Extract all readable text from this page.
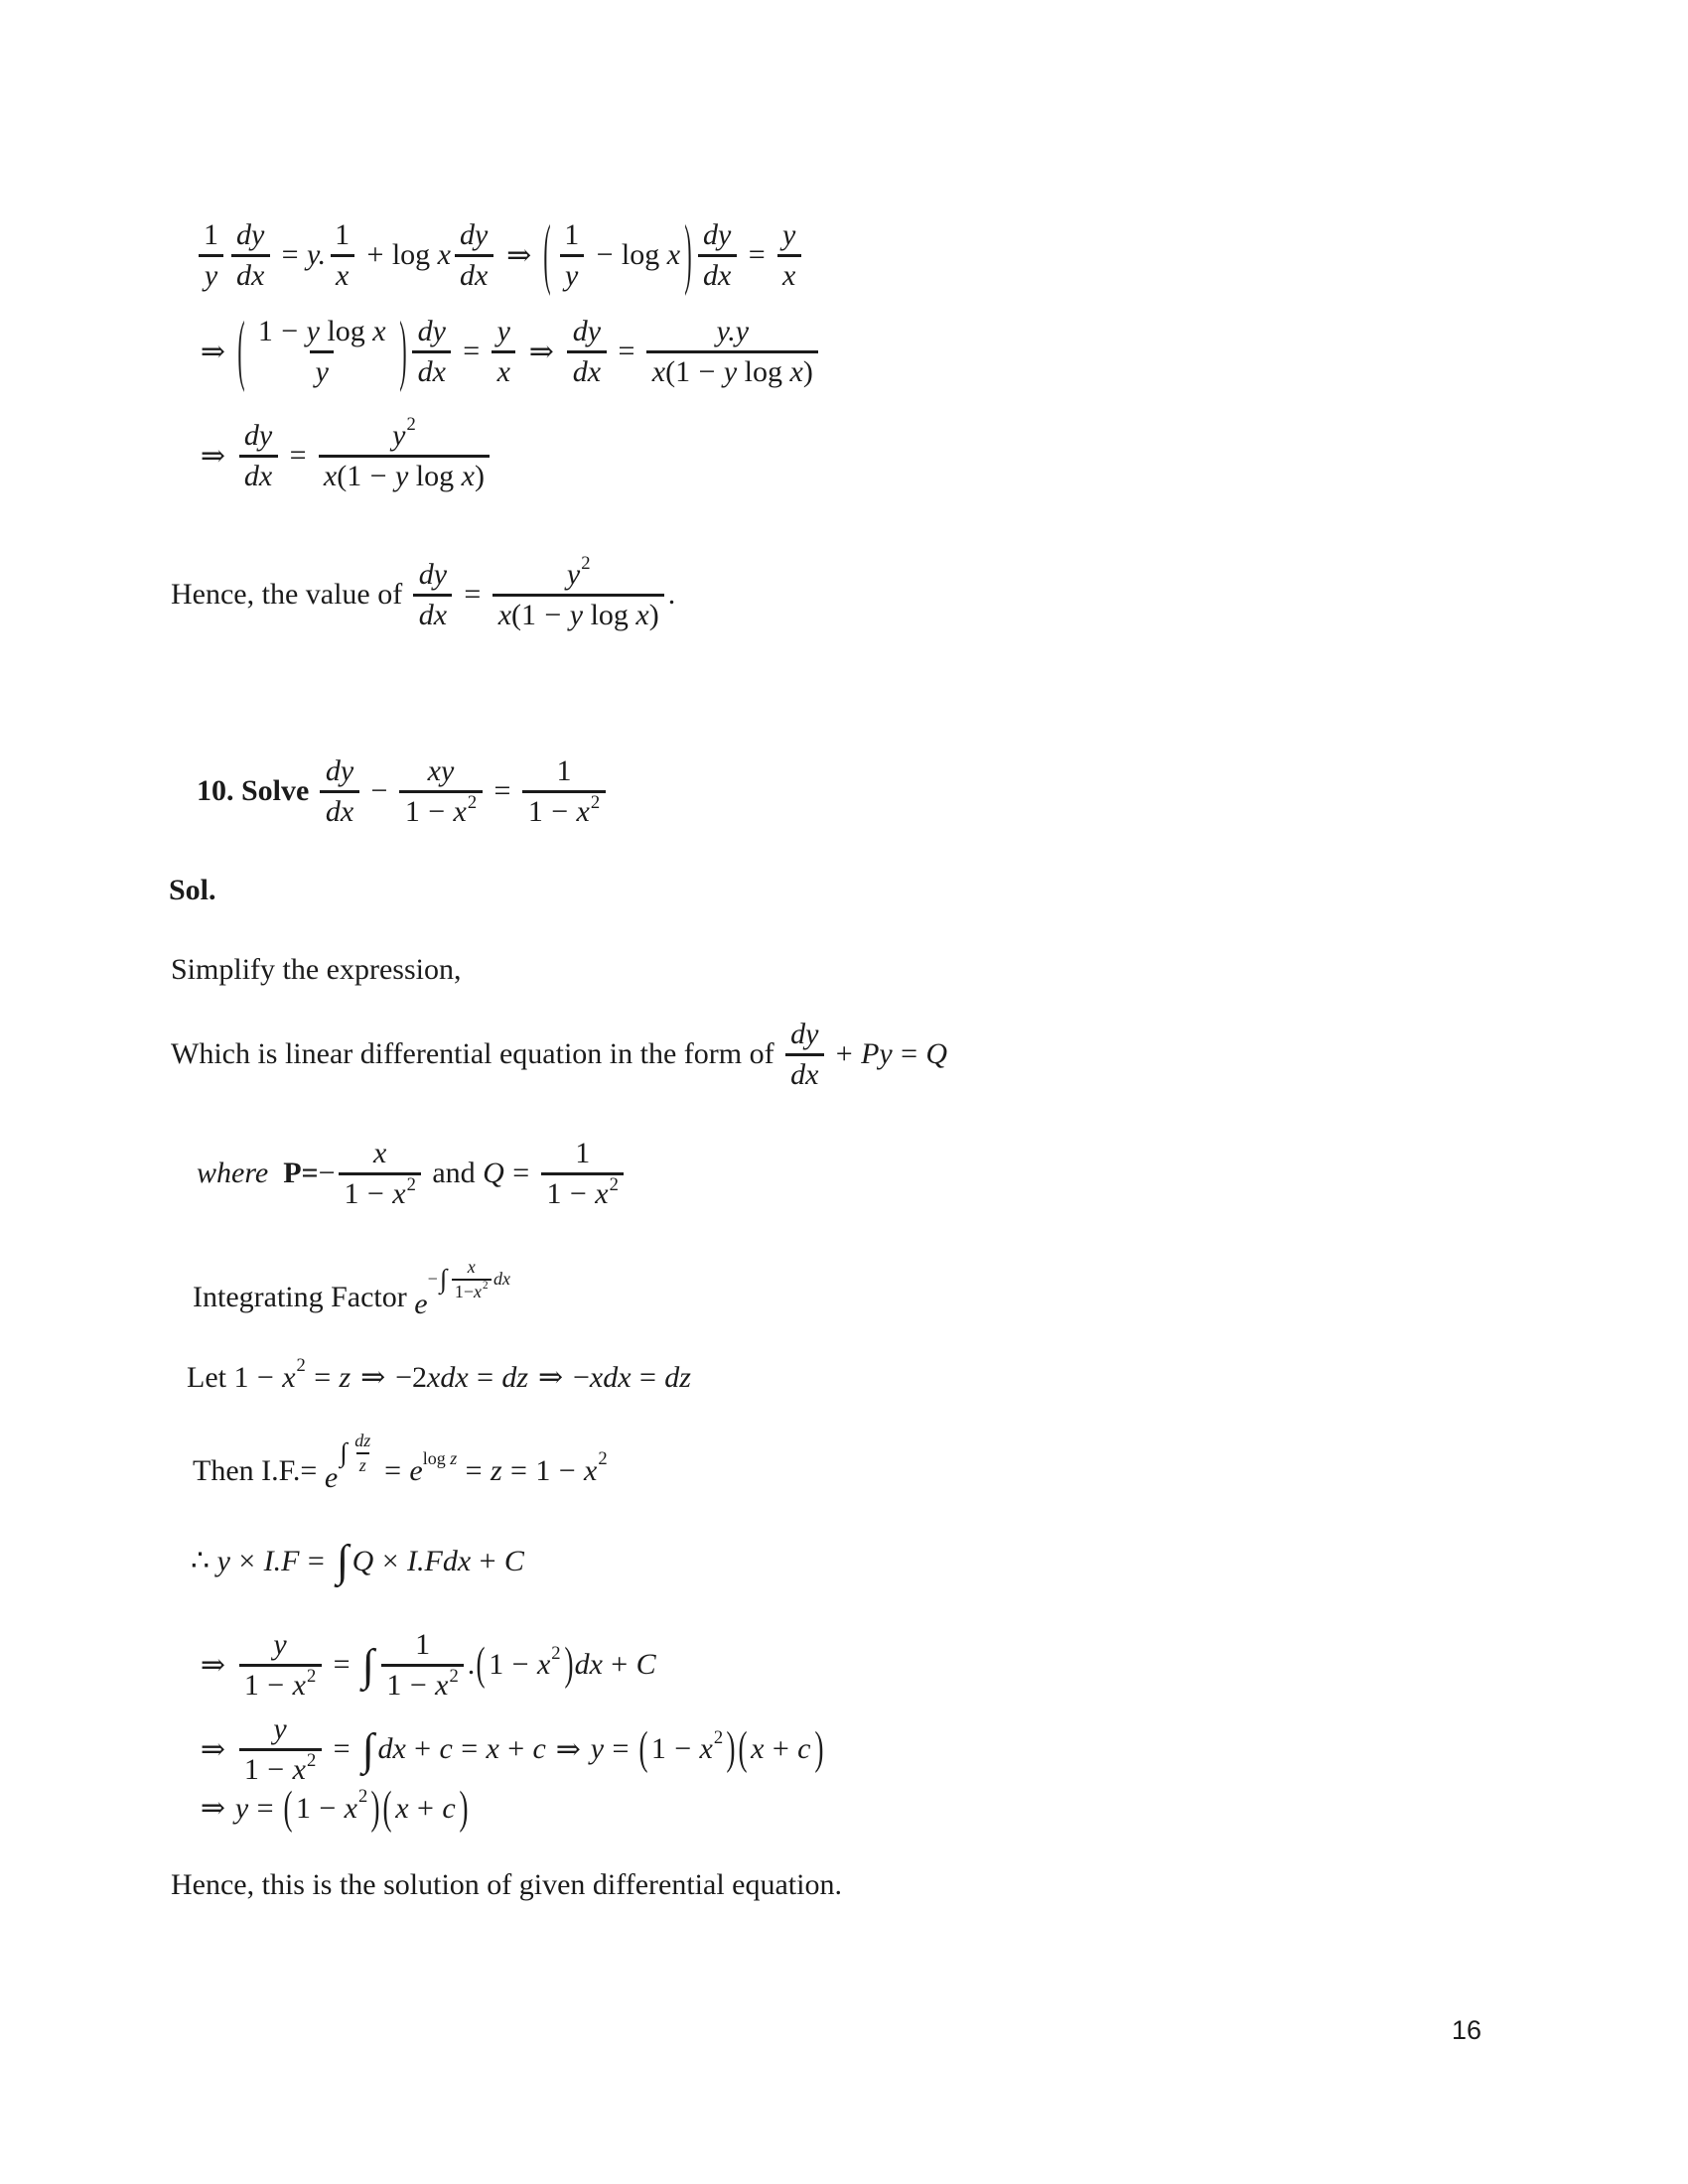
$\frac{1}{y} \frac{dy}{dx} = y$. $\frac{1}{x} + \log x \frac{dy}{dx}$ ⇒ ( $\frac{1}{y} - \log x$ ) $\frac{dy}{dx} = \frac{y}{x}$
⇒ ( $\frac{\text{1 − y log x}}{y}$ ) $\frac{dy}{dx} = \frac{y}{x}$ ⇒ $\frac{dy}{dx} = \frac{y.y}{\text{x (1 − y log x )}}$
⇒ $\frac{dy}{dx} = \frac{y 2}{\text{x (1 − y log x )}}$
Hence, the value of $\frac{dy}{dx} = \frac{y 2}{\text{x (1 − y log x )}}$ .
10. Solve $\frac{dy}{dx} - \frac{xy}{1 - x 2} = \frac{1}{1 - x 2}$
Sol.
Simplify the expression,
Which is linear differential equation in the form of $\frac{dy}{dx} + Py = Q$
where $P= - \frac{x}{1 - x 2}$ and $Q = \frac{1}{1 - x 2}$
Integrating Factor e
− ∫ $\frac{x}{1- x 2}$ dx
Let 1 − x 2 = z ⇒ −2 xdx = dz ⇒ − xdx = dz
Then I.F.= e
∫ $\frac{dz}{z} = e$ log z = z = 1 − x 2
∴ y × I.F = ∫ Q × I.Fdx + C
⇒ $\frac{y}{1 - x 2}$ = ∫ $\frac{1}{1 - x 2}$ . ( 1 − x 2 ) dx + C
⇒ $\frac{y}{1 - x 2}$ = ∫ dx + c = x + c ⇒ y = ( 1 − x 2 ) ( x + c )
⇒ y = ( 1 − x 2 ) ( x + c )
Hence, this is the solution of given differential equation.
16
